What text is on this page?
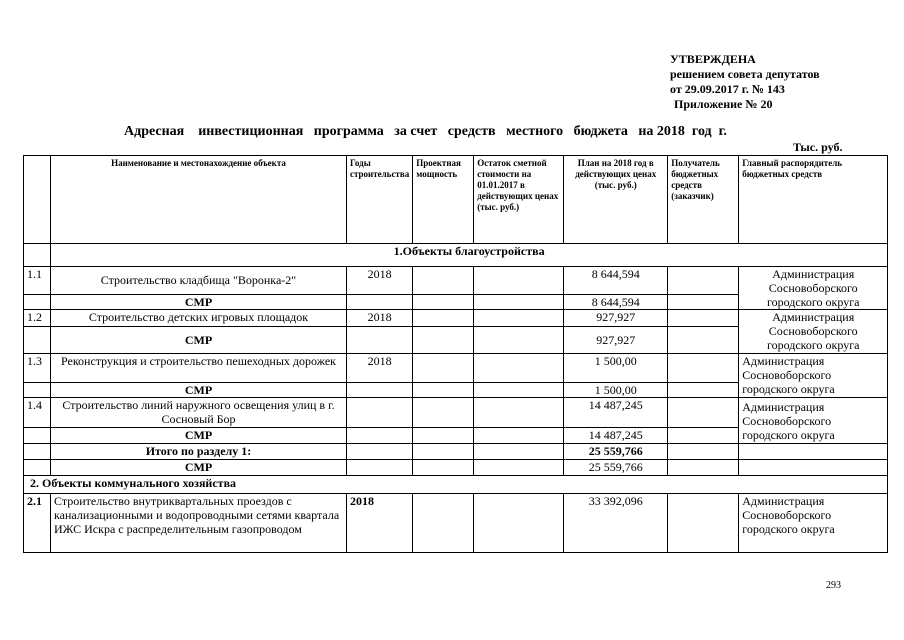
УТВЕРЖДЕНА
решением совета депутатов
от 29.09.2017 г. № 143
Приложение № 20
Адресная    инвестиционная   программа   за счет   средств   местного   бюджета   на 2018  год  г.
Тыс. руб.
	Наименование и местонахождение объекта	Годы строительства	Проектная мощность	Остаток сметной стоимости на 01.01.2017 в действующих ценах (тыс. руб.)	План на 2018 год в действующих ценах (тыс. руб.)	Получатель бюджетных средств (заказчик)	Главный распорядитель бюджетных средств
	1.Объекты благоустройства						
1.1	Строительство кладбища "Воронка-2"	2018			8 644,594		Администрация Сосновоборского городского округа
	СМР				8 644,594		
1.2	Строительство детских игровых площадок	2018			927,927		Администрация Сосновоборского городского округа
	СМР				927,927		
1.3	Реконструкция и строительство пешеходных дорожек	2018			1 500,00		Администрация Сосновоборского городского округа
	СМР				1 500,00		
1.4	Строительство линий наружного освещения улиц в г. Сосновый Бор				14 487,245		Администрация Сосновоборского городского округа
	СМР				14 487,245		
	Итого по разделу 1:				25 559,766		
	СМР				25 559,766		
2. Объекты коммунального хозяйства							
2.1	Строительство внутриквартальных проездов с канализационными и водопроводными сетями квартала ИЖС Искра с распределительным газопроводом	2018			33 392,096		Администрация Сосновоборского городского округа
293
